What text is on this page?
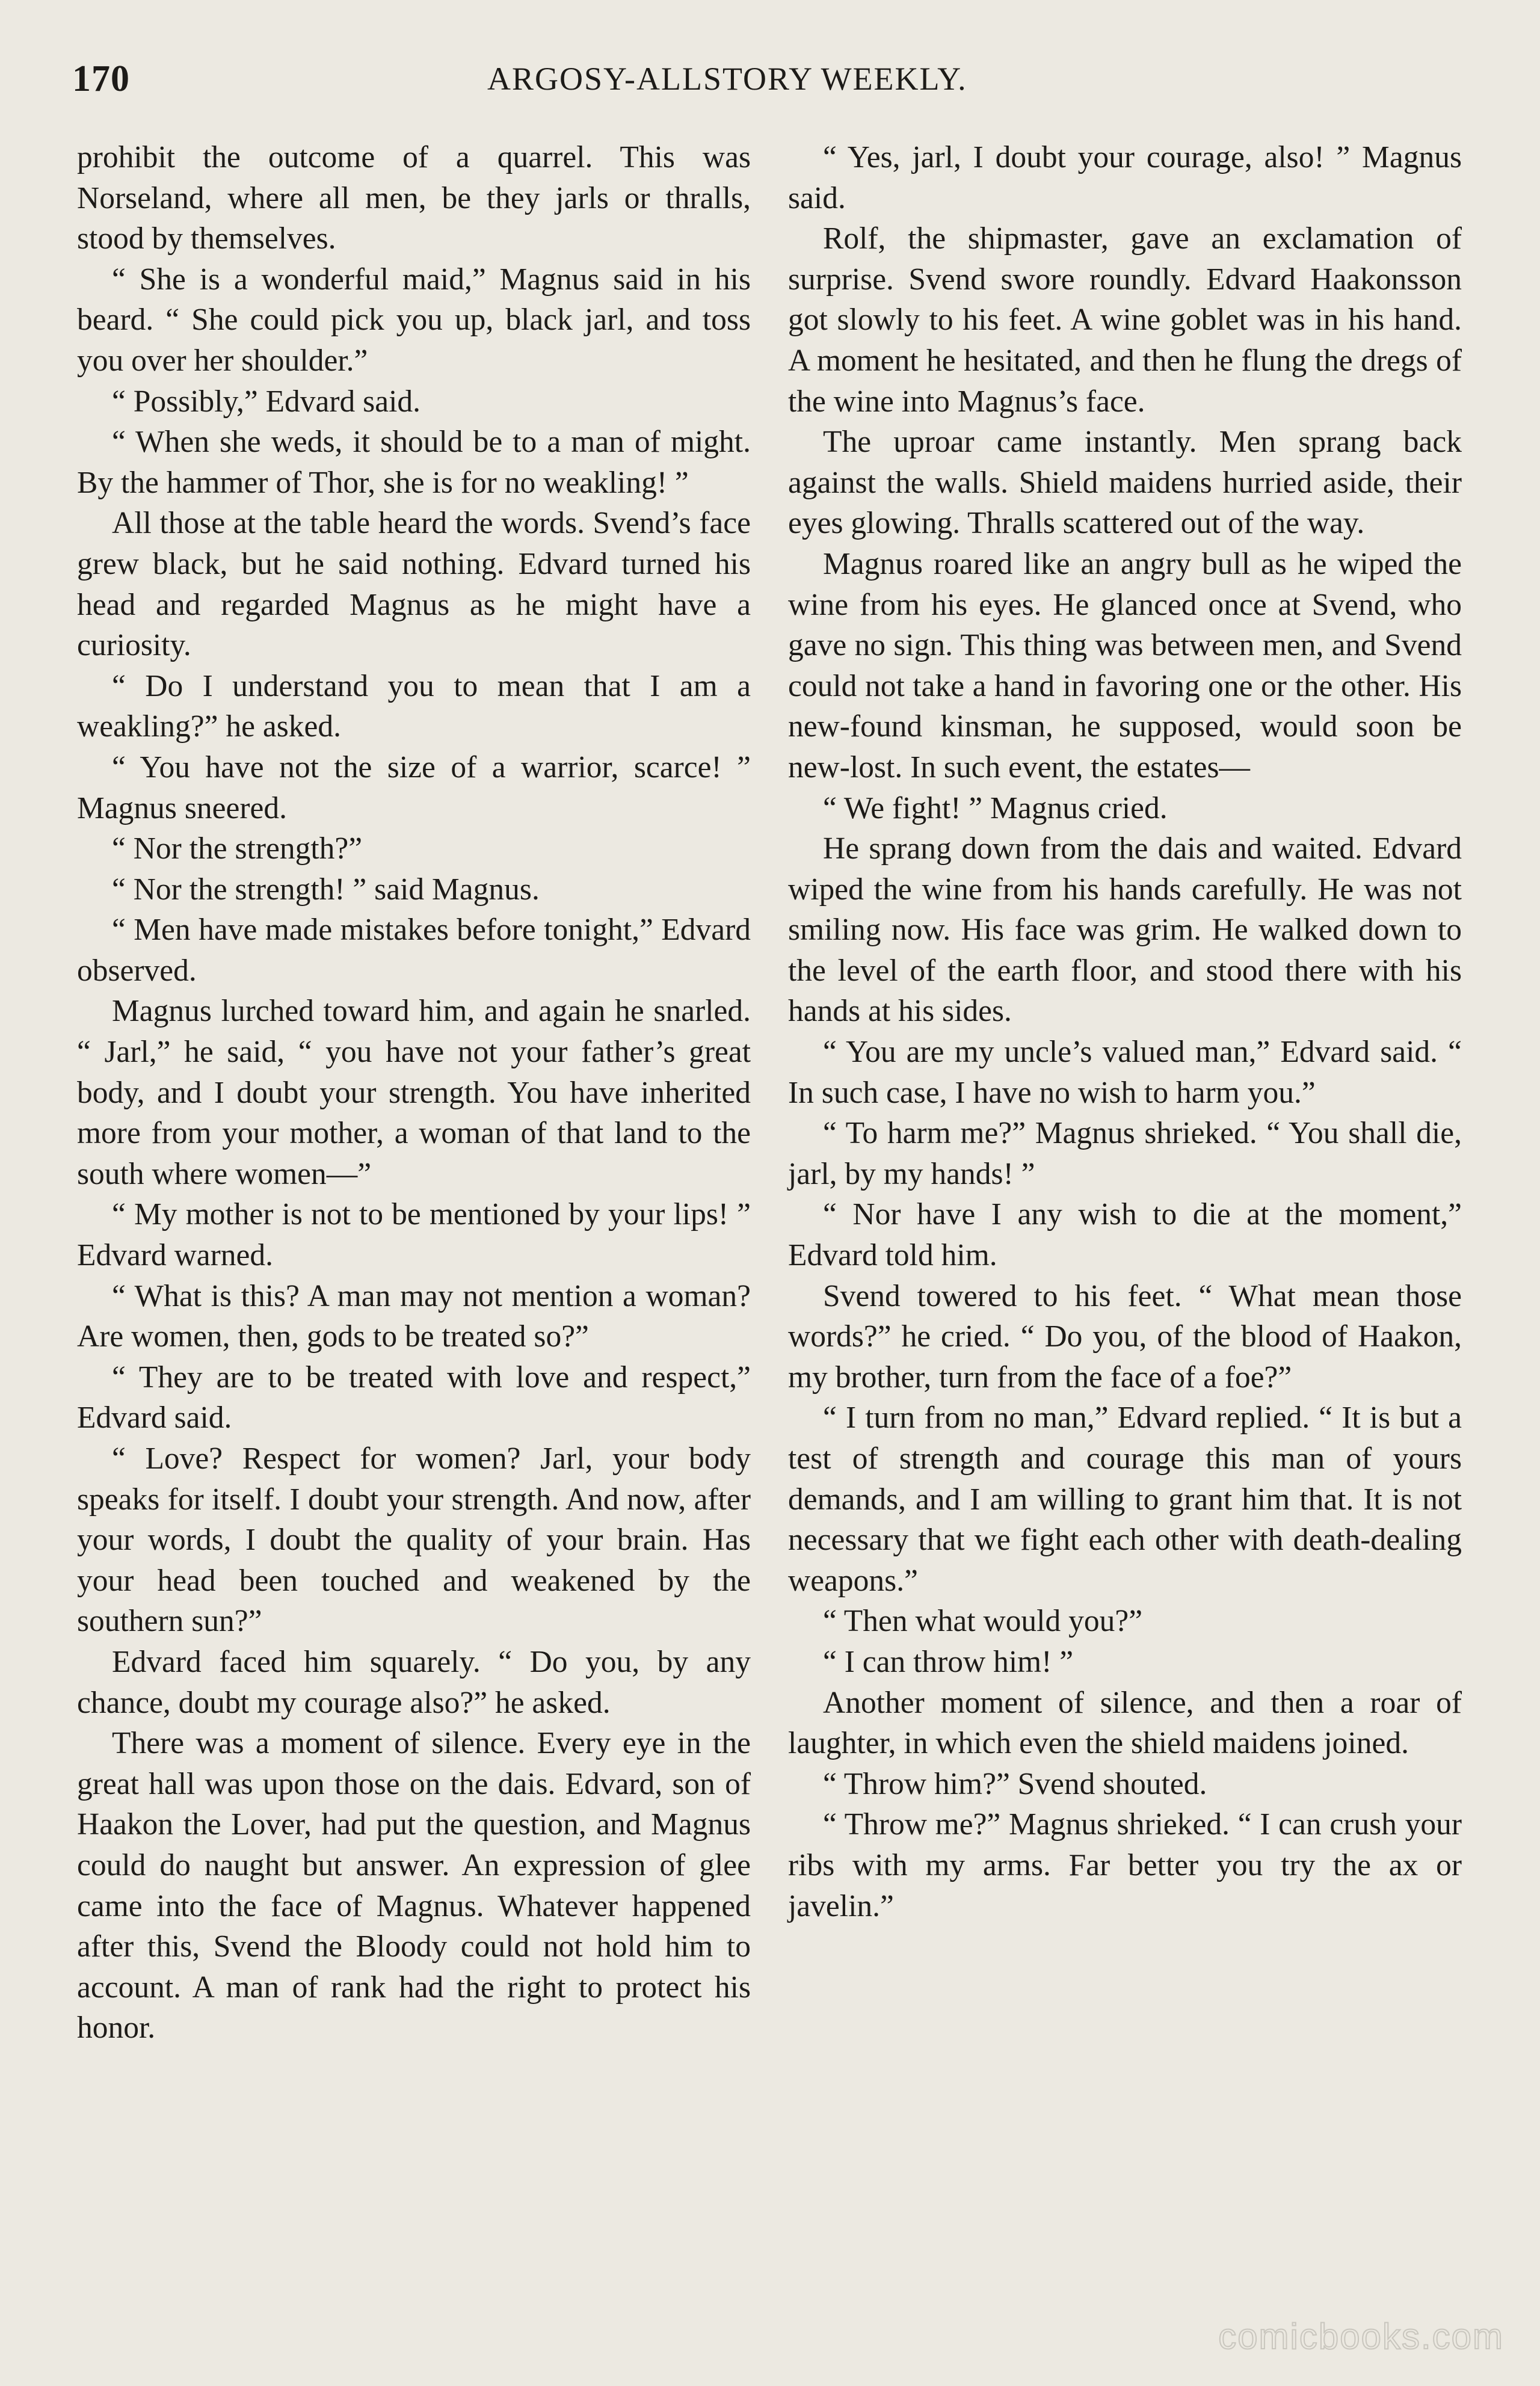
170	ARGOSY-ALLSTORY WEEKLY.

prohibit the outcome of a quarrel. This was Norseland, where all men, be they jarls or thralls, stood by themselves.

“ She is a wonderful maid,” Magnus said in his beard. “ She could pick you up, black jarl, and toss you over her shoulder.”

“ Possibly,” Edvard said.

“ When she weds, it should be to a man of might. By the hammer of Thor, she is for no weakling! ”

All those at the table heard the words. Svend’s face grew black, but he said nothing. Edvard turned his head and regarded Magnus as he might have a curiosity.

“ Do I understand you to mean that I am a weakling?” he asked.

“ You have not the size of a warrior, scarce! ” Magnus sneered.

“ Nor the strength?”

“ Nor the strength! ” said Magnus.

“ Men have made mistakes before tonight,” Edvard observed.

Magnus lurched toward him, and again he snarled. “ Jarl,” he said, “ you have not your father’s great body, and I doubt your strength. You have inherited more from your mother, a woman of that land to the south where women—”

“ My mother is not to be mentioned by your lips! ” Edvard warned.

“ What is this? A man may not mention a woman? Are women, then, gods to be treated so?”

“ They are to be treated with love and respect,” Edvard said.

“ Love? Respect for women? Jarl, your body speaks for itself. I doubt your strength. And now, after your words, I doubt the quality of your brain. Has your head been touched and weakened by the southern sun?”

Edvard faced him squarely. “ Do you, by any chance, doubt my courage also?” he asked.

There was a moment of silence. Every eye in the great hall was upon those on the dais. Edvard, son of Haakon the Lover, had put the question, and Magnus could do naught but answer. An expression of glee came into the face of Magnus. Whatever happened after this, Svend the Bloody could not hold him to account. A man of rank had the right to protect his honor.

“ Yes, jarl, I doubt your courage, also! ” Magnus said.

Rolf, the shipmaster, gave an exclamation of surprise. Svend swore roundly. Edvard Haakonsson got slowly to his feet. A wine goblet was in his hand. A moment he hesitated, and then he flung the dregs of the wine into Magnus’s face.

The uproar came instantly. Men sprang back against the walls. Shield maidens hurried aside, their eyes glowing. Thralls scattered out of the way.

Magnus roared like an angry bull as he wiped the wine from his eyes. He glanced once at Svend, who gave no sign. This thing was between men, and Svend could not take a hand in favoring one or the other. His new-found kinsman, he supposed, would soon be new-lost. In such event, the estates—

“ We fight! ” Magnus cried.

He sprang down from the dais and waited. Edvard wiped the wine from his hands carefully. He was not smiling now. His face was grim. He walked down to the level of the earth floor, and stood there with his hands at his sides.

“ You are my uncle’s valued man,” Edvard said. “ In such case, I have no wish to harm you.”

“ To harm me?” Magnus shrieked. “ You shall die, jarl, by my hands! ”

“ Nor have I any wish to die at the moment,” Edvard told him.

Svend towered to his feet. “ What mean those words?” he cried. “ Do you, of the blood of Haakon, my brother, turn from the face of a foe?”

“ I turn from no man,” Edvard replied. “ It is but a test of strength and courage this man of yours demands, and I am willing to grant him that. It is not necessary that we fight each other with death-dealing weapons.”

“ Then what would you?”

“ I can throw him! ”

Another moment of silence, and then a roar of laughter, in which even the shield maidens joined.

“ Throw him?” Svend shouted.

“ Throw me?” Magnus shrieked. “ I can crush your ribs with my arms. Far better you try the ax or javelin.”

comicbooks.com
